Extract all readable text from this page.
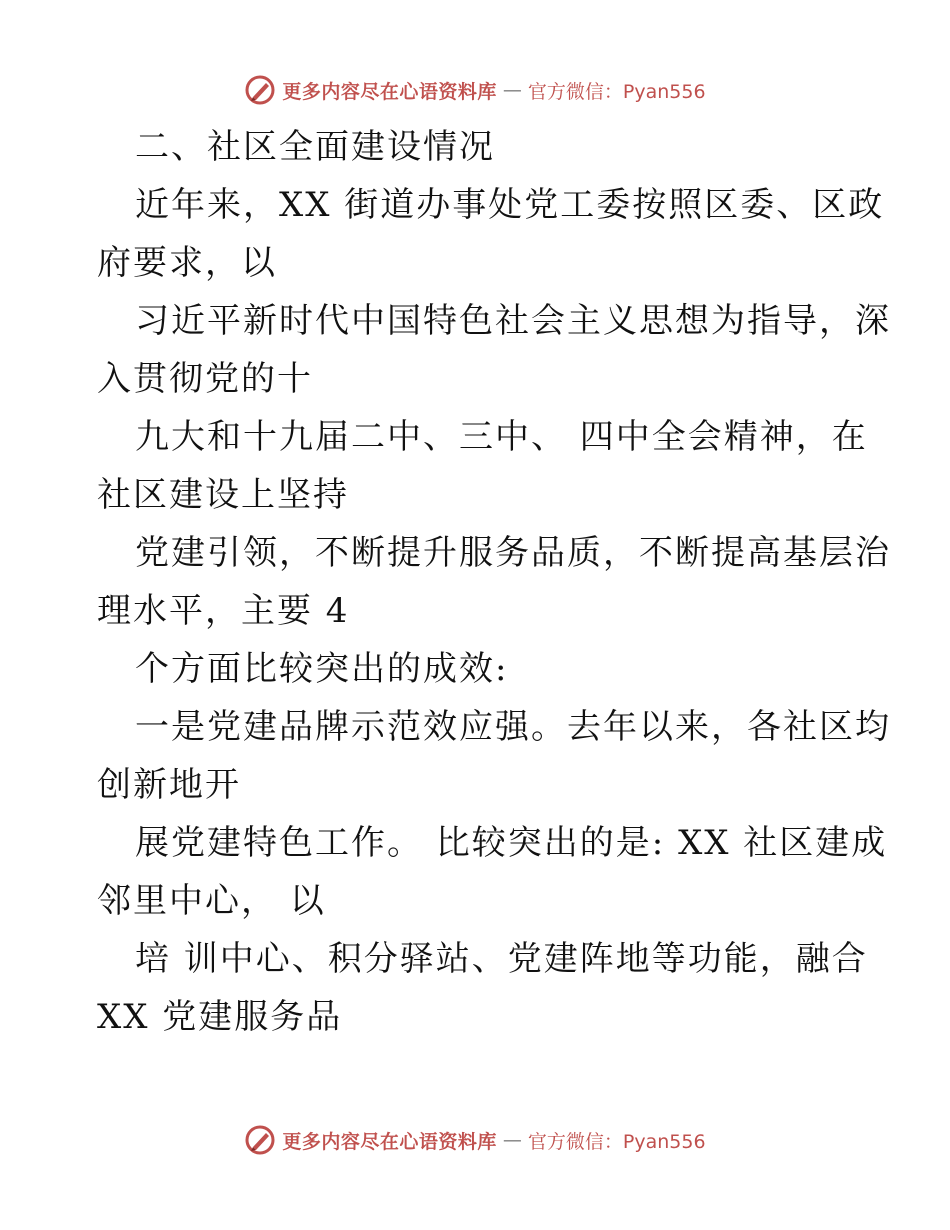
更多内容尽在心语资料库 — 官方微信：Pyan556
二、社区全面建设情况
近年来，XX 街道办事处党工委按照区委、区政
府要求，以
习近平新时代中国特色社会主义思想为指导，深
入贯彻党的十
九大和十九届二中、三中、 四中全会精神，在
社区建设上坚持
党建引领，不断提升服务品质，不断提高基层治
理水平，主要 4
个方面比较突出的成效:
一是党建品牌示范效应强。去年以来，各社区均
创新地开
展党建特色工作。 比较突出的是: XX 社区建成
邻里中心， 以
培 训中心、积分驿站、党建阵地等功能，融合
XX 党建服务品
更多内容尽在心语资料库 — 官方微信：Pyan556
